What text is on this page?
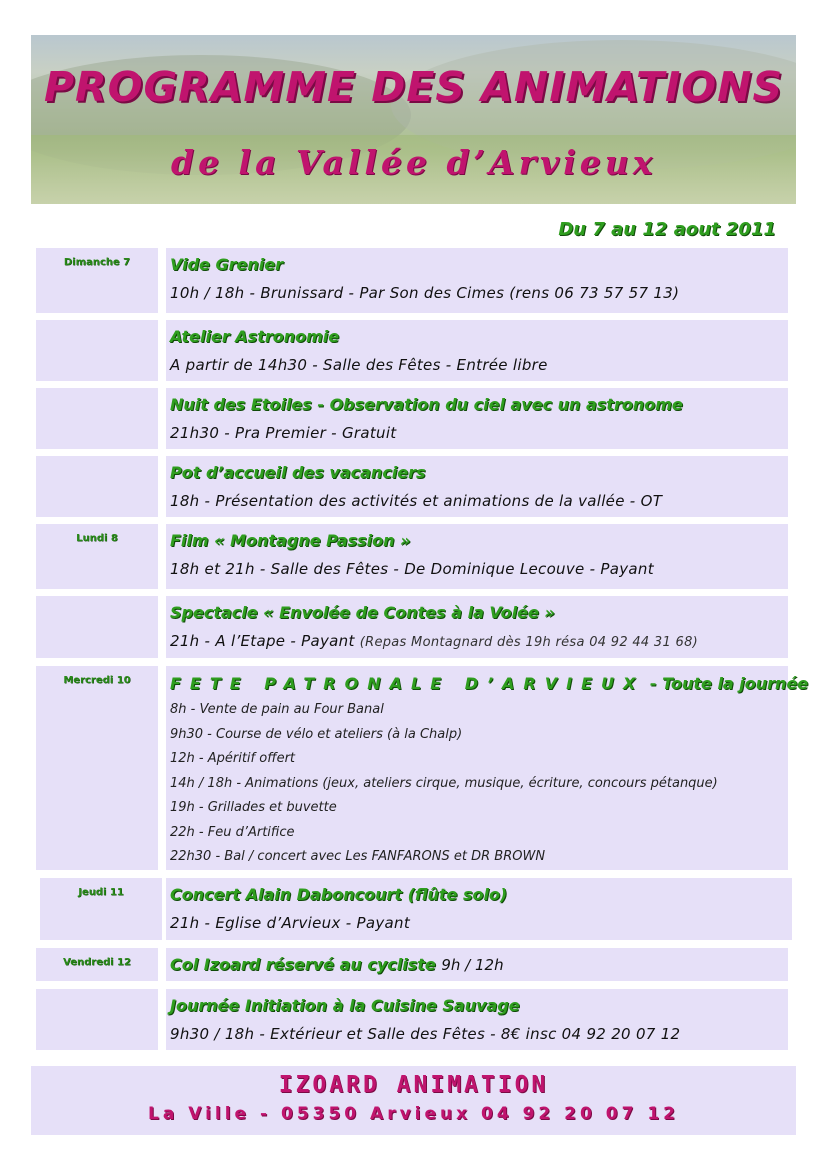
PROGRAMME DES ANIMATIONS
de la Vallée d’Arvieux
Du 7 au 12 aout 2011
Dimanche 7
Lundi 8
Mercredi 10
Jeudi 11
Vendredi 12
Vide Grenier
10h / 18h - Brunissard - Par Son des Cimes (rens 06 73 57 57 13)
Atelier Astronomie
A partir de 14h30 - Salle des Fêtes - Entrée libre
Nuit des Etoiles - Observation du ciel avec un astronome
21h30 - Pra Premier - Gratuit
Pot d’accueil des vacanciers
18h - Présentation des activités et animations de la vallée - OT
Film « Montagne Passion »
18h et 21h - Salle des Fêtes - De Dominique Lecouve - Payant
Spectacle « Envolée de Contes à la Volée »
21h - A l’Etape - Payant (Repas Montagnard dès 19h résa 04 92 44 31 68)
FETE PATRONALE D’ARVIEUX - Toute la journée
8h - Vente de pain au Four Banal
9h30 - Course de vélo et ateliers (à la Chalp)
12h - Apéritif offert
14h / 18h - Animations (jeux, ateliers cirque, musique, écriture, concours pétanque)
19h - Grillades et buvette
22h - Feu d’Artifice
22h30 - Bal / concert avec Les FANFARONS et DR BROWN
Concert Alain Daboncourt (flûte solo)
21h - Eglise d’Arvieux - Payant
Col Izoard réservé au cycliste 9h / 12h
Journée Initiation à la Cuisine Sauvage
9h30 / 18h - Extérieur et Salle des Fêtes - 8€ insc 04 92 20 07 12
IZOARD ANIMATION
La Ville - 05350 Arvieux 04 92 20 07 12
